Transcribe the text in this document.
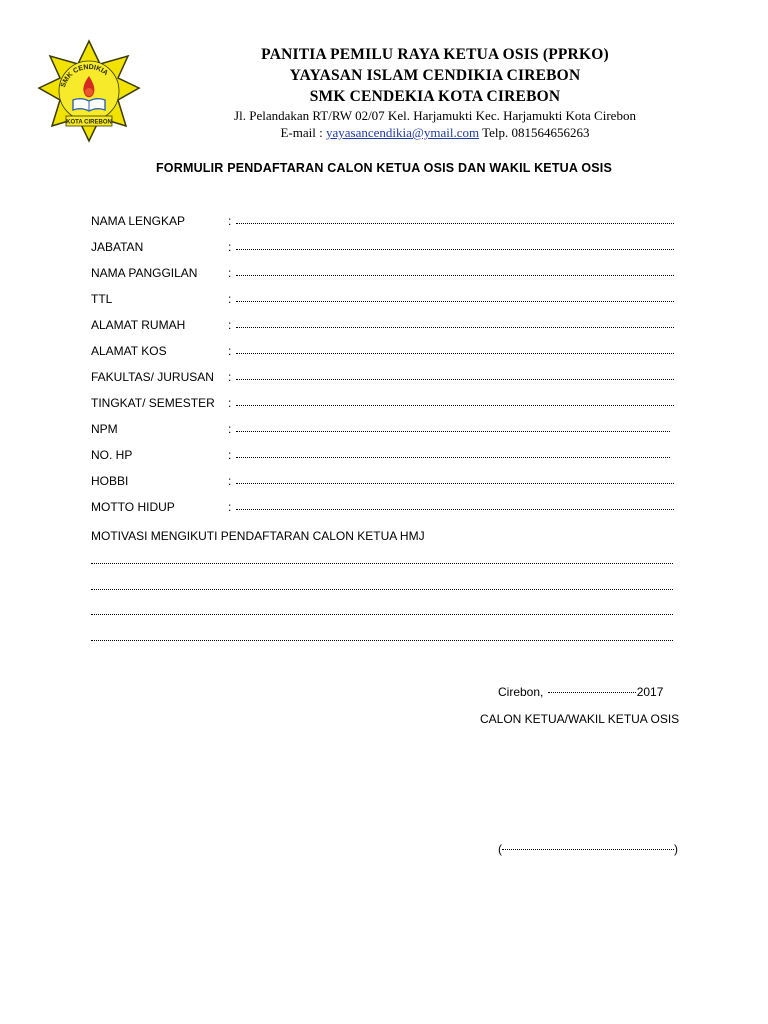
SMK CENDIKIA
KOTA CIREBON
PANITIA PEMILU RAYA KETUA OSIS (PPRKO)
YAYASAN ISLAM CENDIKIA CIREBON
SMK CENDEKIA KOTA CIREBON
Jl. Pelandakan RT/RW 02/07 Kel. Harjamukti Kec. Harjamukti Kota Cirebon
E-mail : yayasancendikia@ymail.com Telp. 081564656263
FORMULIR PENDAFTARAN CALON KETUA OSIS DAN WAKIL KETUA OSIS
NAMA LENGKAP	:
JABATAN	:
NAMA PANGGILAN	:
TTL	:
ALAMAT RUMAH	:
ALAMAT KOS	:
FAKULTAS/ JURUSAN :
TINGKAT/ SEMESTER :
NPM	:
NO. HP	:
HOBBI	:
MOTTO HIDUP	:
MOTIVASI MENGIKUTI PENDAFTARAN CALON KETUA HMJ
Cirebon,	2017
CALON KETUA/WAKIL KETUA OSIS
(	)
